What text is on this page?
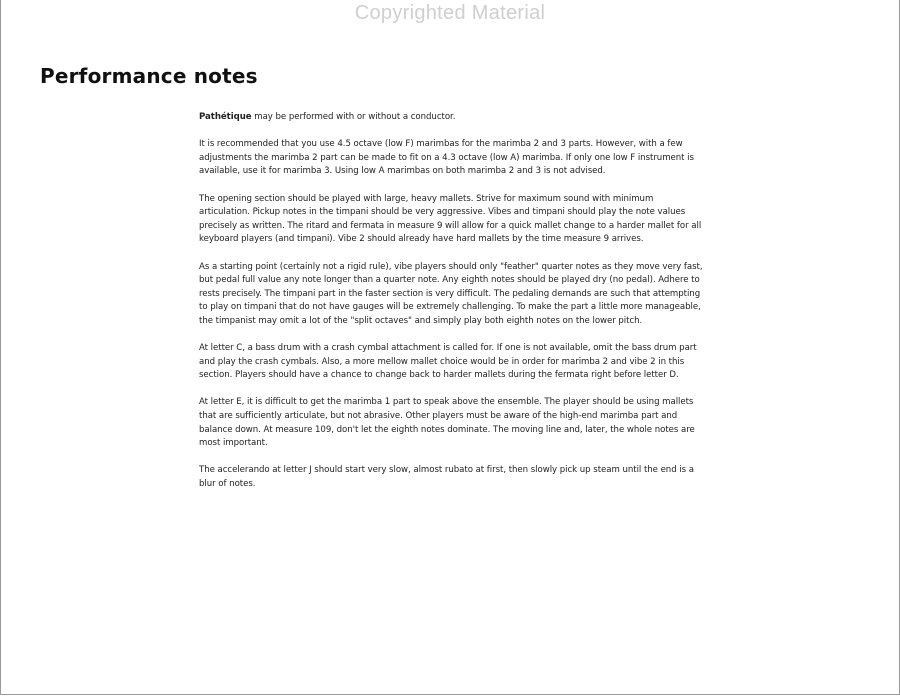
Copyrighted Material
Performance notes

Pathétique may be performed with or without a conductor.

It is recommended that you use 4.5 octave (low F) marimbas for the marimba 2 and 3 parts. However, with a few adjustments the marimba 2 part can be made to fit on a 4.3 octave (low A) marimba. If only one low F instrument is available, use it for marimba 3. Using low A marimbas on both marimba 2 and 3 is not advised.

The opening section should be played with large, heavy mallets. Strive for maximum sound with minimum articulation. Pickup notes in the timpani should be very aggressive. Vibes and timpani should play the note values precisely as written. The ritard and fermata in measure 9 will allow for a quick mallet change to a harder mallet for all keyboard players (and timpani). Vibe 2 should already have hard mallets by the time measure 9 arrives.

As a starting point (certainly not a rigid rule), vibe players should only "feather" quarter notes as they move very fast, but pedal full value any note longer than a quarter note. Any eighth notes should be played dry (no pedal). Adhere to rests precisely. The timpani part in the faster section is very difficult. The pedaling demands are such that attempting to play on timpani that do not have gauges will be extremely challenging. To make the part a little more manageable, the timpanist may omit a lot of the "split octaves" and simply play both eighth notes on the lower pitch.

At letter C, a bass drum with a crash cymbal attachment is called for. If one is not available, omit the bass drum part and play the crash cymbals. Also, a more mellow mallet choice would be in order for marimba 2 and vibe 2 in this section. Players should have a chance to change back to harder mallets during the fermata right before letter D.

At letter E, it is difficult to get the marimba 1 part to speak above the ensemble. The player should be using mallets that are sufficiently articulate, but not abrasive. Other players must be aware of the high-end marimba part and balance down. At measure 109, don't let the eighth notes dominate. The moving line and, later, the whole notes are most important.

The accelerando at letter J should start very slow, almost rubato at first, then slowly pick up steam until the end is a blur of notes.
